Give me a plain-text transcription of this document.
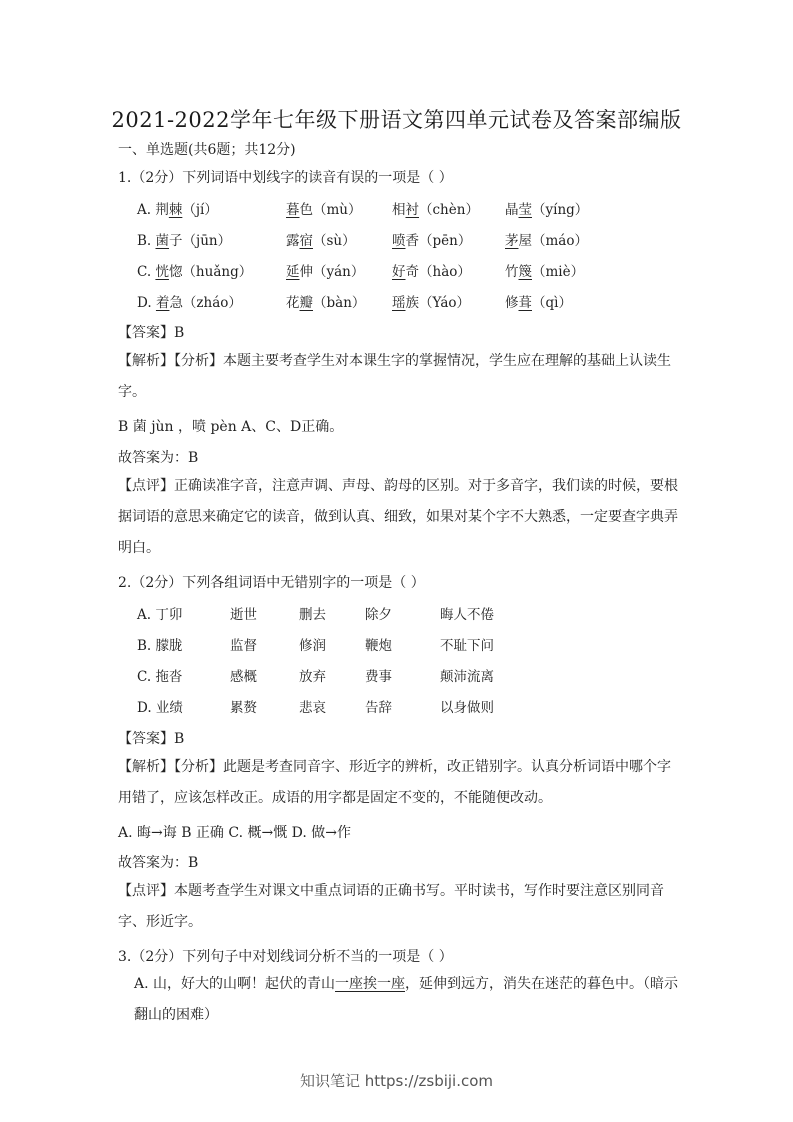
2021-2022学年七年级下册语文第四单元试卷及答案部编版
一、单选题(共6题；共12分)
1.（2分）下列词语中划线字的读音有误的一项是（ ）
A. 荆棘（jí）	暮色（mù） 相衬（chèn） 晶莹（yíng）
B. 菌子（jūn）	露宿（sù）	喷香（pēn） 茅屋（máo）
C. 恍惚（huǎng）	延伸（yán） 好奇（hào）	竹篾（miè）
D. 着急（zháo）	花瓣（bàn） 瑶族（Yáo）	修葺（qì）
【答案】B
【解析】【分析】本题主要考查学生对本课生字的掌握情况，学生应在理解的基础上认读生字。
B 菌 jùn ，喷 pèn A、C、D正确。
故答案为：B
【点评】正确读准字音，注意声调、声母、韵母的区别。对于多音字，我们读的时候，要根据词语的意思来确定它的读音，做到认真、细致，如果对某个字不大熟悉，一定要查字典弄明白。
2.（2分）下列各组词语中无错别字的一项是（ ）
A. 丁卯	逝世	删去	除夕	晦人不倦
B. 朦胧	监督	修润	鞭炮	不耻下问
C. 拖沓	感概	放弃	费事	颠沛流离
D. 业绩	累赘	悲哀	告辞	以身做则
【答案】B
【解析】【分析】此题是考查同音字、形近字的辨析，改正错别字。认真分析词语中哪个字用错了，应该怎样改正。成语的用字都是固定不变的，不能随便改动。
A. 晦→诲 B 正确 C. 概→慨 D. 做→作
故答案为：B
【点评】本题考查学生对课文中重点词语的正确书写。平时读书，写作时要注意区别同音字、形近字。
3.（2分）下列句子中对划线词分析不当的一项是（ ）
A. 山，好大的山啊！起伏的青山一座挨一座，延伸到远方，消失在迷茫的暮色中。（暗示翻山的困难）
知识笔记 https://zsbiji.com
